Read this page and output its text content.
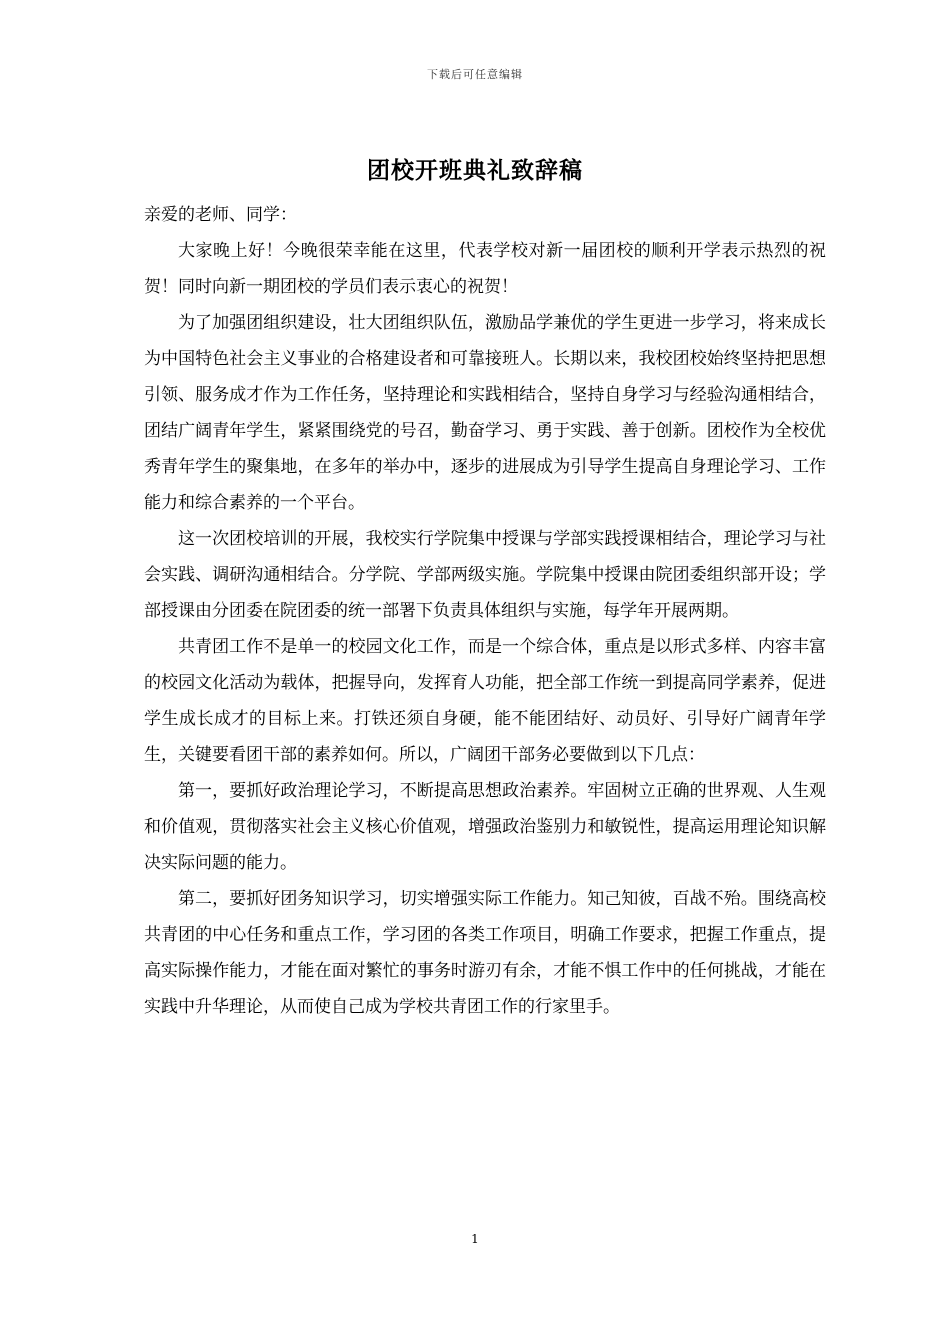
下载后可任意编辑
团校开班典礼致辞稿

亲爱的老师、同学：

大家晚上好！今晚很荣幸能在这里，代表学校对新一届团校的顺利开学表示热烈的祝贺！同时向新一期团校的学员们表示衷心的祝贺！

为了加强团组织建设，壮大团组织队伍，激励品学兼优的学生更进一步学习，将来成长为中国特色社会主义事业的合格建设者和可靠接班人。长期以来，我校团校始终坚持把思想引领、服务成才作为工作任务，坚持理论和实践相结合，坚持自身学习与经验沟通相结合，团结广阔青年学生，紧紧围绕党的号召，勤奋学习、勇于实践、善于创新。团校作为全校优秀青年学生的聚集地，在多年的举办中，逐步的进展成为引导学生提高自身理论学习、工作能力和综合素养的一个平台。

这一次团校培训的开展，我校实行学院集中授课与学部实践授课相结合，理论学习与社会实践、调研沟通相结合。分学院、学部两级实施。学院集中授课由院团委组织部开设；学部授课由分团委在院团委的统一部署下负责具体组织与实施，每学年开展两期。

共青团工作不是单一的校园文化工作，而是一个综合体，重点是以形式多样、内容丰富的校园文化活动为载体，把握导向，发挥育人功能，把全部工作统一到提高同学素养，促进学生成长成才的目标上来。打铁还须自身硬，能不能团结好、动员好、引导好广阔青年学生，关键要看团干部的素养如何。所以，广阔团干部务必要做到以下几点：

第一，要抓好政治理论学习，不断提高思想政治素养。牢固树立正确的世界观、人生观和价值观，贯彻落实社会主义核心价值观，增强政治鉴别力和敏锐性，提高运用理论知识解决实际问题的能力。

第二，要抓好团务知识学习，切实增强实际工作能力。知己知彼，百战不殆。围绕高校共青团的中心任务和重点工作，学习团的各类工作项目，明确工作要求，把握工作重点，提高实际操作能力，才能在面对繁忙的事务时游刃有余，才能不惧工作中的任何挑战，才能在实践中升华理论，从而使自己成为学校共青团工作的行家里手。

1
